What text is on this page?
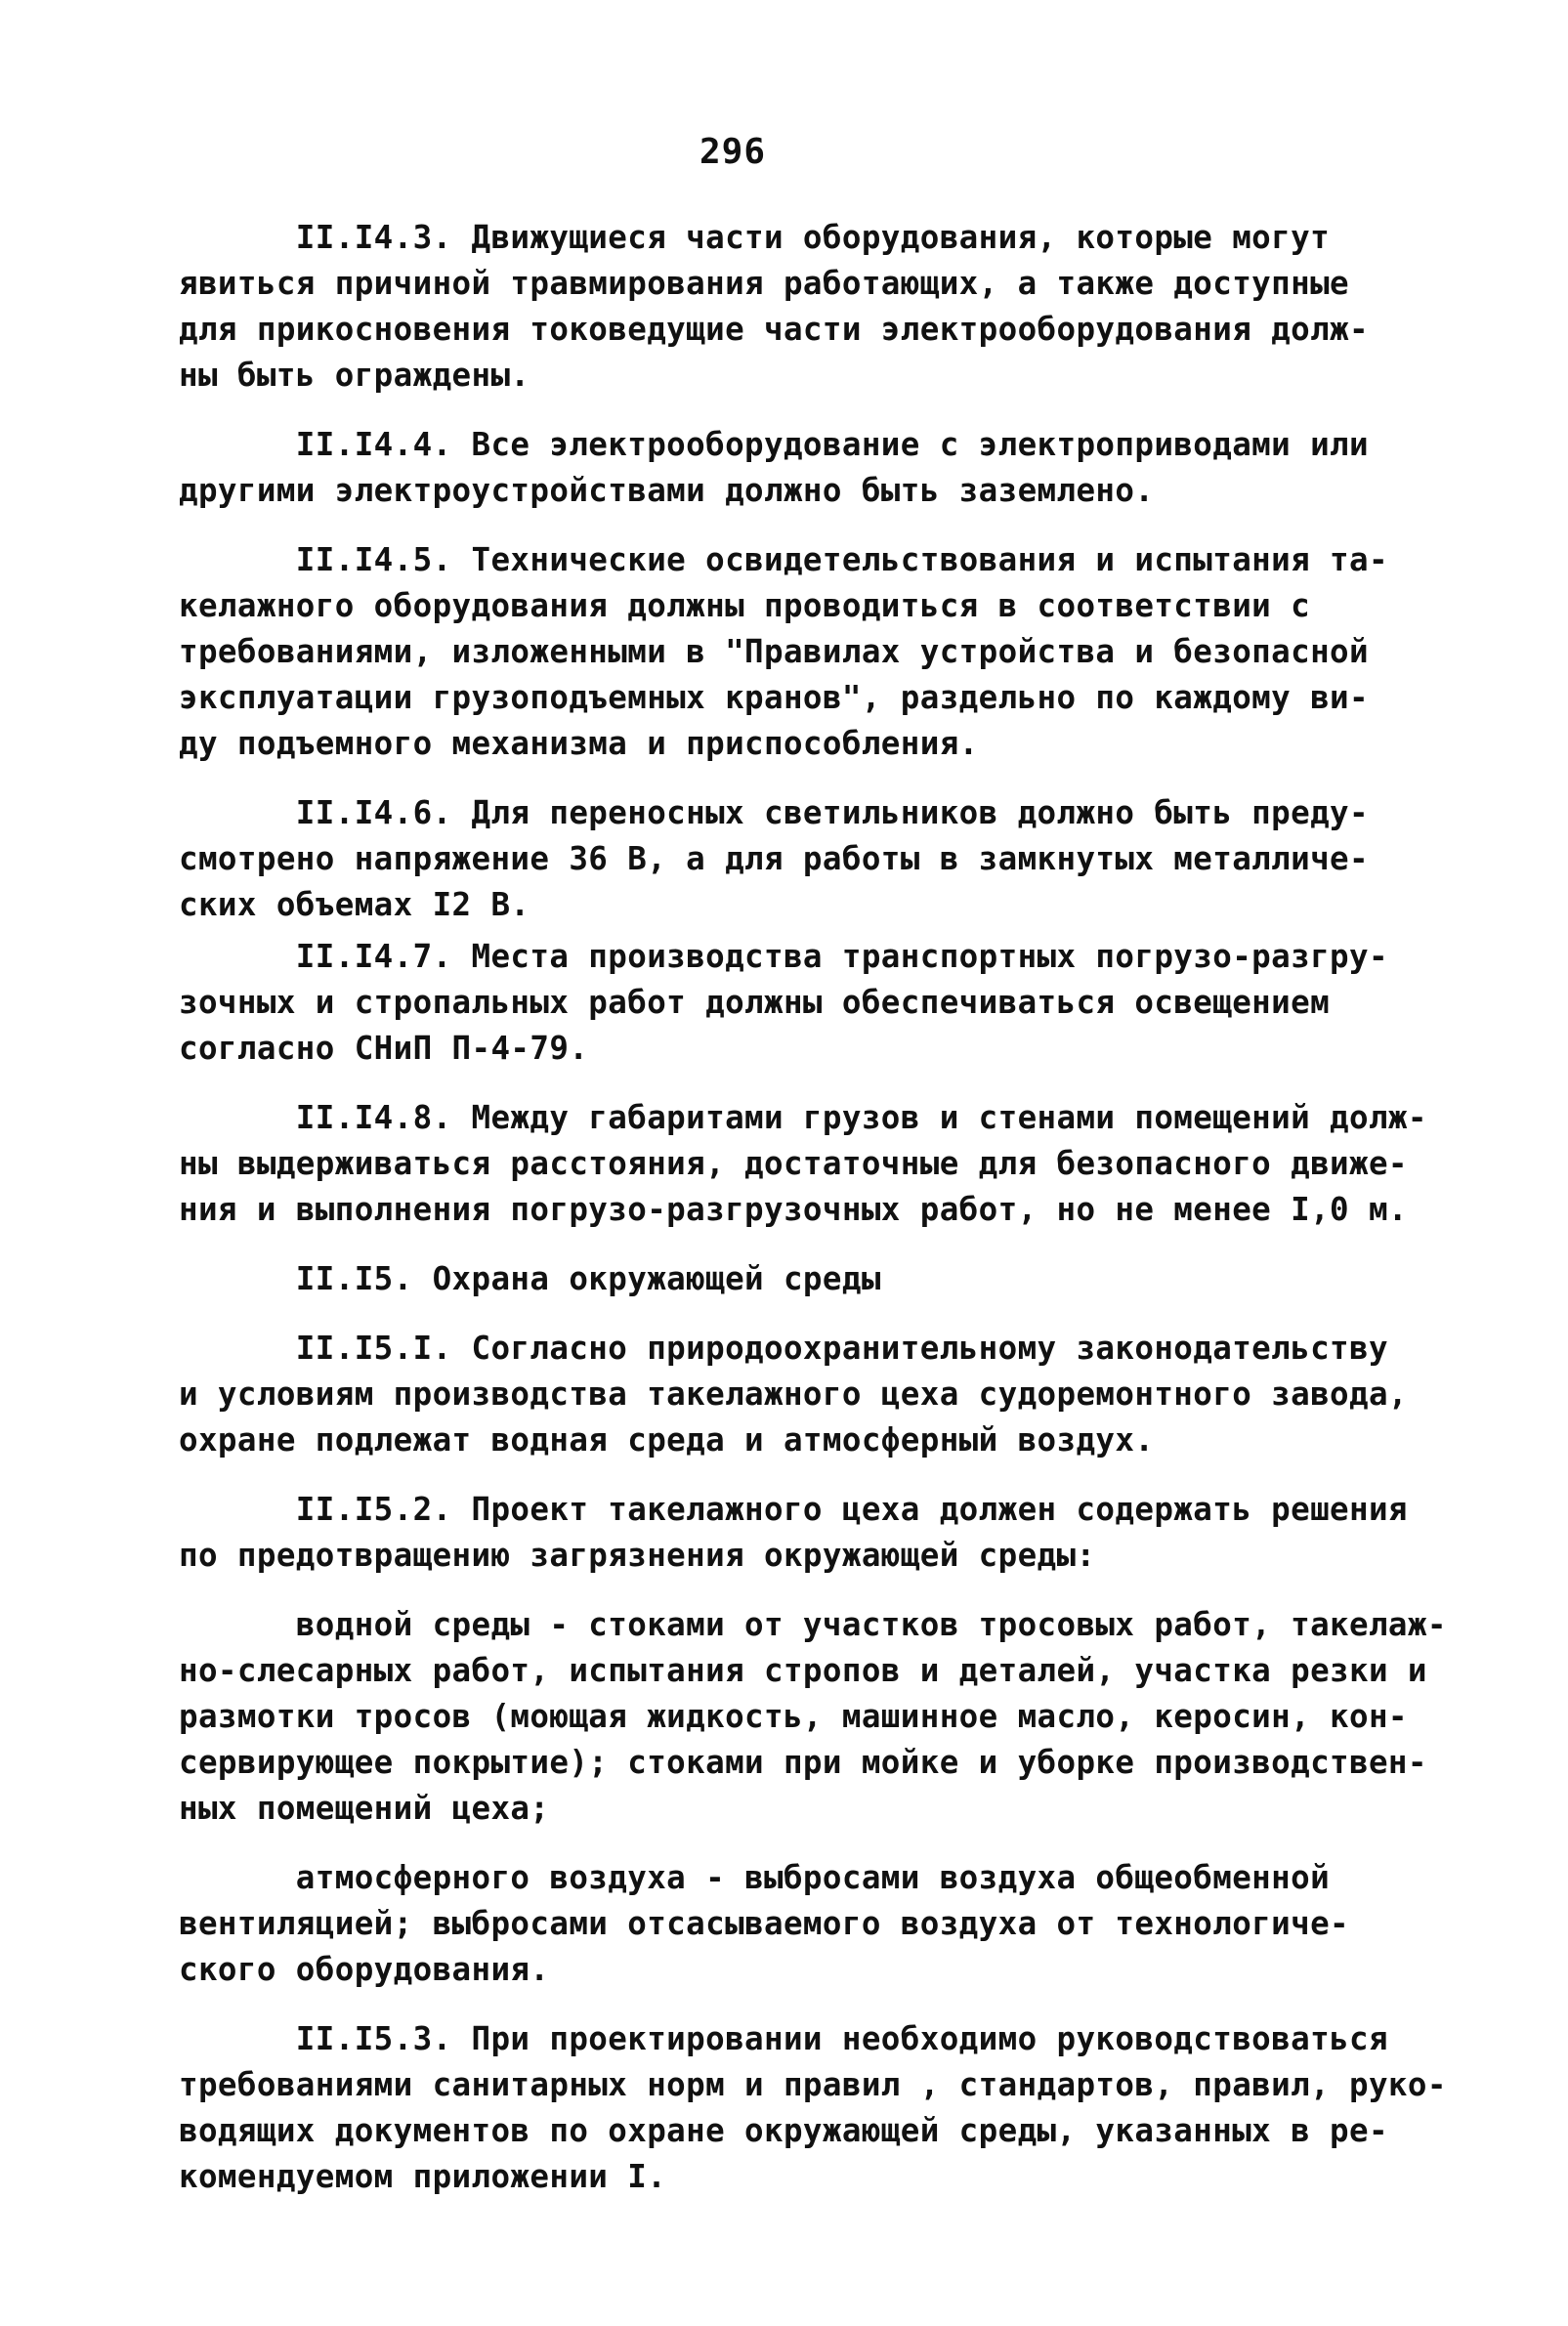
296
II.I4.3. Движущиеся части оборудования, которые могут
явиться причиной травмирования работающих, а также доступные
для прикосновения токоведущие части электрооборудования долж-
ны быть ограждены.
II.I4.4. Все электрооборудование с электроприводами или
другими электроустройствами должно быть заземлено.
II.I4.5. Технические освидетельствования и испытания та-
келажного оборудования должны проводиться в соответствии с
требованиями, изложенными в "Правилах устройства и безопасной
эксплуатации грузоподъемных кранов", раздельно по каждому ви-
ду подъемного механизма и приспособления.
II.I4.6. Для переносных светильников должно быть преду-
смотрено напряжение 36 В, а для работы в замкнутых металличе-
ских объемах I2 В.
II.I4.7. Места производства транспортных погрузо-разгру-
зочных и стропальных работ должны обеспечиваться освещением
согласно СНиП П-4-79.
II.I4.8. Между габаритами грузов и стенами помещений долж-
ны выдерживаться расстояния, достаточные для безопасного движе-
ния и выполнения погрузо-разгрузочных работ, но не менее I,0 м.
II.I5. Охрана окружающей среды
II.I5.I. Согласно природоохранительному законодательству
и условиям производства такелажного цеха судоремонтного завода,
охране подлежат водная среда и атмосферный воздух.
II.I5.2. Проект такелажного цеха должен содержать решения
по предотвращению загрязнения окружающей среды:
водной среды - стоками от участков тросовых работ, такелаж-
но-слесарных работ, испытания стропов и деталей, участка резки и
размотки тросов (моющая жидкость, машинное масло, керосин, кон-
сервирующее покрытие); стоками при мойке и уборке производствен-
ных помещений цеха;
атмосферного воздуха - выбросами воздуха общеобменной
вентиляцией; выбросами отсасываемого воздуха от технологиче-
ского оборудования.
II.I5.3. При проектировании необходимо руководствоваться
требованиями санитарных норм и правил , стандартов, правил, руко-
водящих документов по охране окружающей среды, указанных в ре-
комендуемом приложении I.
